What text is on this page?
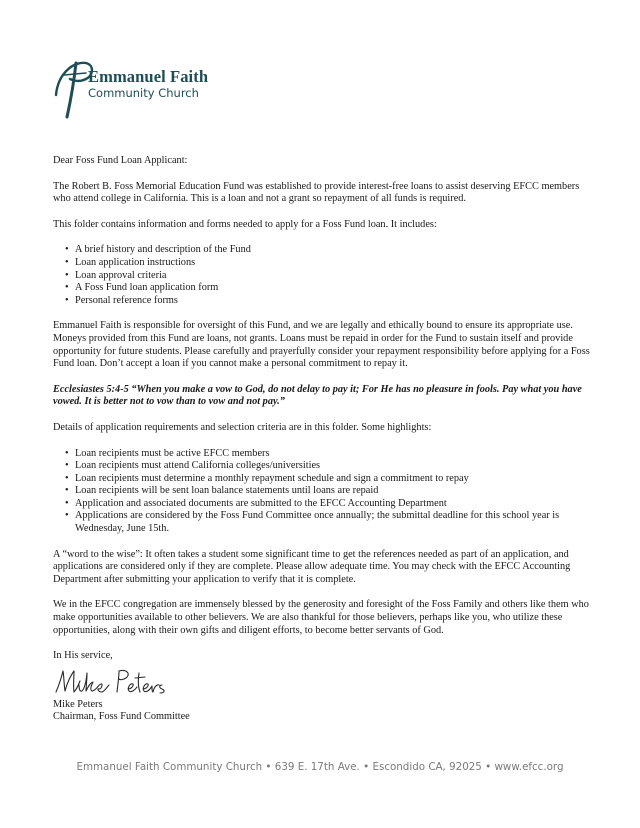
Emmanuel Faith
Community Church

Dear Foss Fund Loan Applicant:

The Robert B. Foss Memorial Education Fund was established to provide interest-free loans to assist deserving EFCC members who attend college in California. This is a loan and not a grant so repayment of all funds is required.

This folder contains information and forms needed to apply for a Foss Fund loan. It includes:

• A brief history and description of the Fund
• Loan application instructions
• Loan approval criteria
• A Foss Fund loan application form
• Personal reference forms

Emmanuel Faith is responsible for oversight of this Fund, and we are legally and ethically bound to ensure its appropriate use. Moneys provided from this Fund are loans, not grants. Loans must be repaid in order for the Fund to sustain itself and provide opportunity for future students. Please carefully and prayerfully consider your repayment responsibility before applying for a Foss Fund loan. Don’t accept a loan if you cannot make a personal commitment to repay it.

Ecclesiastes 5:4-5 “When you make a vow to God, do not delay to pay it; For He has no pleasure in fools. Pay what you have vowed. It is better not to vow than to vow and not pay.”

Details of application requirements and selection criteria are in this folder. Some highlights:

• Loan recipients must be active EFCC members
• Loan recipients must attend California colleges/universities
• Loan recipients must determine a monthly repayment schedule and sign a commitment to repay
• Loan recipients will be sent loan balance statements until loans are repaid
• Application and associated documents are submitted to the EFCC Accounting Department
• Applications are considered by the Foss Fund Committee once annually; the submittal deadline for this school year is Wednesday, June 15th.

A “word to the wise”: It often takes a student some significant time to get the references needed as part of an application, and applications are considered only if they are complete. Please allow adequate time. You may check with the EFCC Accounting Department after submitting your application to verify that it is complete.

We in the EFCC congregation are immensely blessed by the generosity and foresight of the Foss Family and others like them who make opportunities available to other believers. We are also thankful for those believers, perhaps like you, who utilize these opportunities, along with their own gifts and diligent efforts, to become better servants of God.

In His service,

Mike Peters

Chairman, Foss Fund Committee

Emmanuel Faith Community Church • 639 E. 17th Ave. • Escondido CA, 92025 • www.efcc.org
